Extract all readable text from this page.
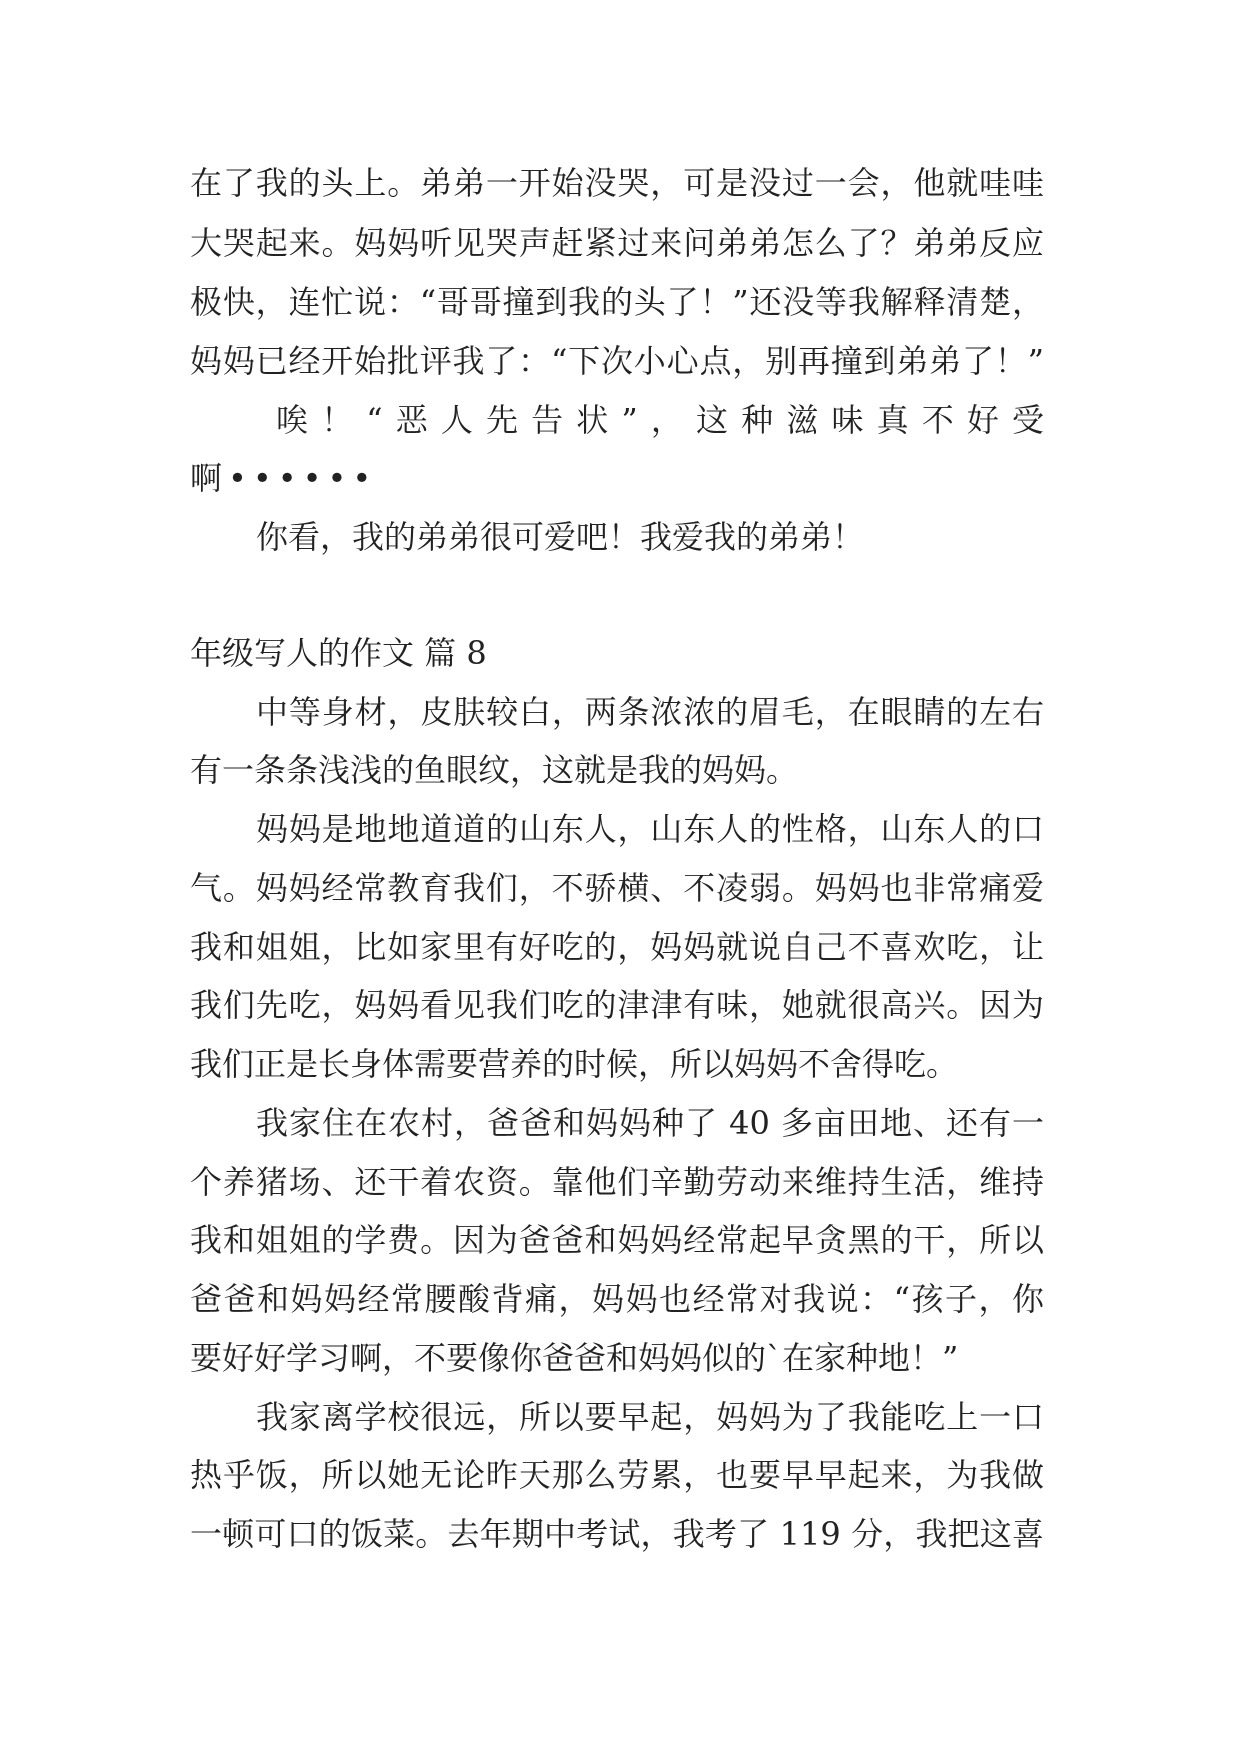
在了我的头上。弟弟一开始没哭，可是没过一会，他就哇哇
大哭起来。妈妈听见哭声赶紧过来问弟弟怎么了？弟弟反应
极快，连忙说：“哥哥撞到我的头了！”还没等我解释清楚，
妈妈已经开始批评我了：“下次小心点，别再撞到弟弟了！”
唉！“恶人先告状”，这种滋味真不好受
啊••••••
你看，我的弟弟很可爱吧！我爱我的弟弟！
年级写人的作文 篇 8
中等身材，皮肤较白，两条浓浓的眉毛，在眼睛的左右
有一条条浅浅的鱼眼纹，这就是我的妈妈。
妈妈是地地道道的山东人，山东人的性格，山东人的口
气。妈妈经常教育我们，不骄横、不凌弱。妈妈也非常痛爱
我和姐姐，比如家里有好吃的，妈妈就说自己不喜欢吃，让
我们先吃，妈妈看见我们吃的津津有味，她就很高兴。因为
我们正是长身体需要营养的时候，所以妈妈不舍得吃。
我家住在农村，爸爸和妈妈种了 40 多亩田地、还有一
个养猪场、还干着农资。靠他们辛勤劳动来维持生活，维持
我和姐姐的学费。因为爸爸和妈妈经常起早贪黑的干，所以
爸爸和妈妈经常腰酸背痛，妈妈也经常对我说：“孩子，你
要好好学习啊，不要像你爸爸和妈妈似的`在家种地！”
我家离学校很远，所以要早起，妈妈为了我能吃上一口
热乎饭，所以她无论昨天那么劳累，也要早早起来，为我做
一顿可口的饭菜。去年期中考试，我考了 119 分，我把这喜
